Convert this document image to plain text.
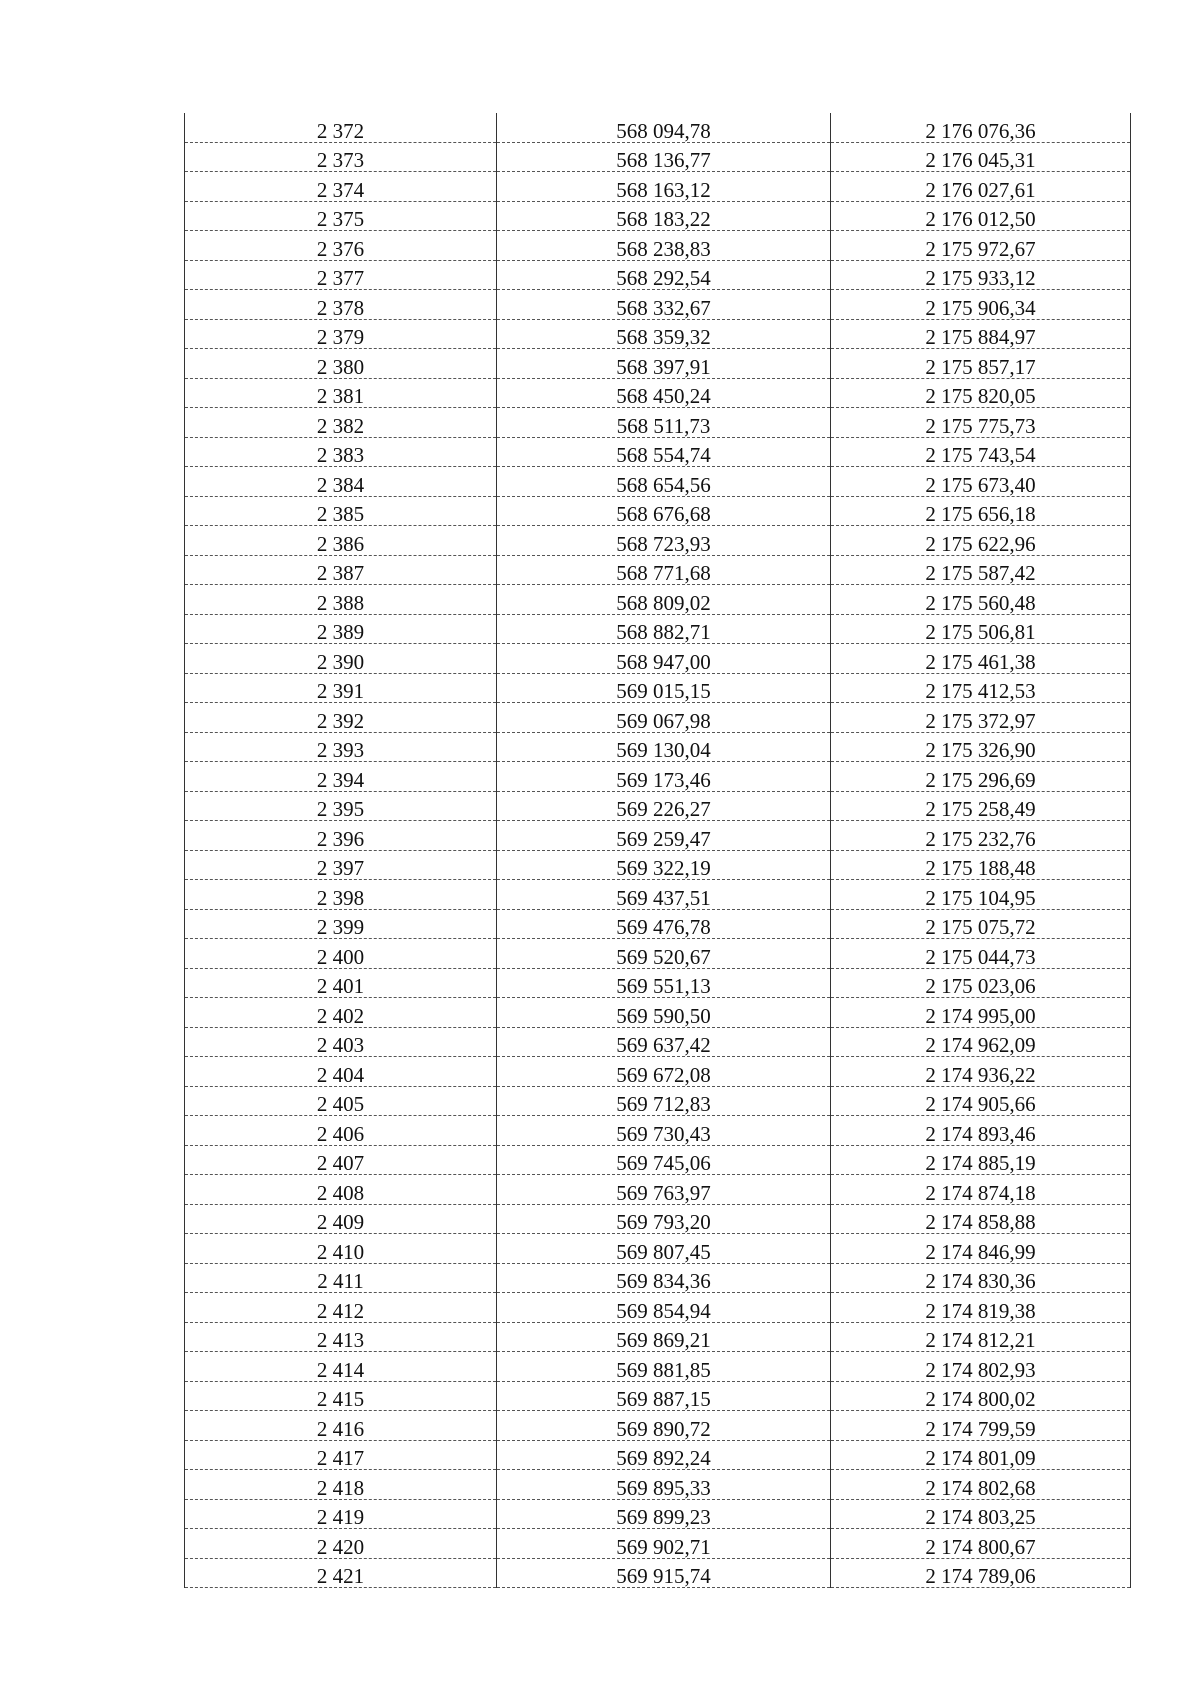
2 372	568 094,78	2 176 076,36
2 373	568 136,77	2 176 045,31
2 374	568 163,12	2 176 027,61
2 375	568 183,22	2 176 012,50
2 376	568 238,83	2 175 972,67
2 377	568 292,54	2 175 933,12
2 378	568 332,67	2 175 906,34
2 379	568 359,32	2 175 884,97
2 380	568 397,91	2 175 857,17
2 381	568 450,24	2 175 820,05
2 382	568 511,73	2 175 775,73
2 383	568 554,74	2 175 743,54
2 384	568 654,56	2 175 673,40
2 385	568 676,68	2 175 656,18
2 386	568 723,93	2 175 622,96
2 387	568 771,68	2 175 587,42
2 388	568 809,02	2 175 560,48
2 389	568 882,71	2 175 506,81
2 390	568 947,00	2 175 461,38
2 391	569 015,15	2 175 412,53
2 392	569 067,98	2 175 372,97
2 393	569 130,04	2 175 326,90
2 394	569 173,46	2 175 296,69
2 395	569 226,27	2 175 258,49
2 396	569 259,47	2 175 232,76
2 397	569 322,19	2 175 188,48
2 398	569 437,51	2 175 104,95
2 399	569 476,78	2 175 075,72
2 400	569 520,67	2 175 044,73
2 401	569 551,13	2 175 023,06
2 402	569 590,50	2 174 995,00
2 403	569 637,42	2 174 962,09
2 404	569 672,08	2 174 936,22
2 405	569 712,83	2 174 905,66
2 406	569 730,43	2 174 893,46
2 407	569 745,06	2 174 885,19
2 408	569 763,97	2 174 874,18
2 409	569 793,20	2 174 858,88
2 410	569 807,45	2 174 846,99
2 411	569 834,36	2 174 830,36
2 412	569 854,94	2 174 819,38
2 413	569 869,21	2 174 812,21
2 414	569 881,85	2 174 802,93
2 415	569 887,15	2 174 800,02
2 416	569 890,72	2 174 799,59
2 417	569 892,24	2 174 801,09
2 418	569 895,33	2 174 802,68
2 419	569 899,23	2 174 803,25
2 420	569 902,71	2 174 800,67
2 421	569 915,74	2 174 789,06
